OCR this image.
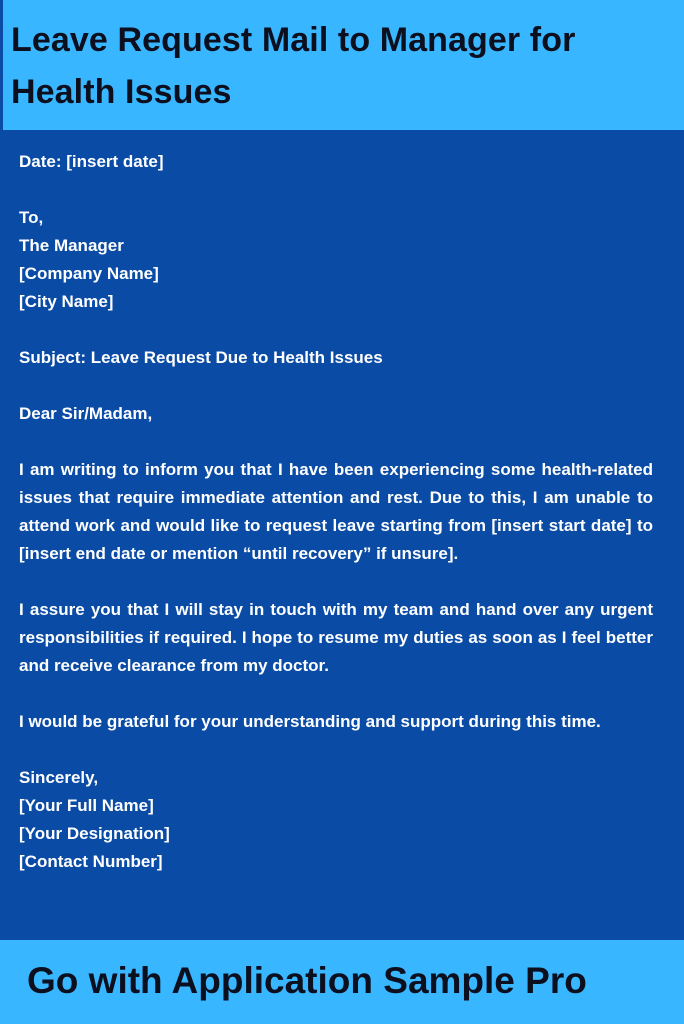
Leave Request Mail to Manager for Health Issues

Date: [insert date]

To,

The Manager

[Company Name]

[City Name]

Subject: Leave Request Due to Health Issues

Dear Sir/Madam,

I am writing to inform you that I have been experiencing some health-related issues that require immediate attention and rest. Due to this, I am unable to attend work and would like to request leave starting from [insert start date] to [insert end date or mention “until recovery” if unsure].

I assure you that I will stay in touch with my team and hand over any urgent responsibilities if required. I hope to resume my duties as soon as I feel better and receive clearance from my doctor.

I would be grateful for your understanding and support during this time.

Sincerely,

[Your Full Name]

[Your Designation]

[Contact Number]

Go with Application Sample Pro
